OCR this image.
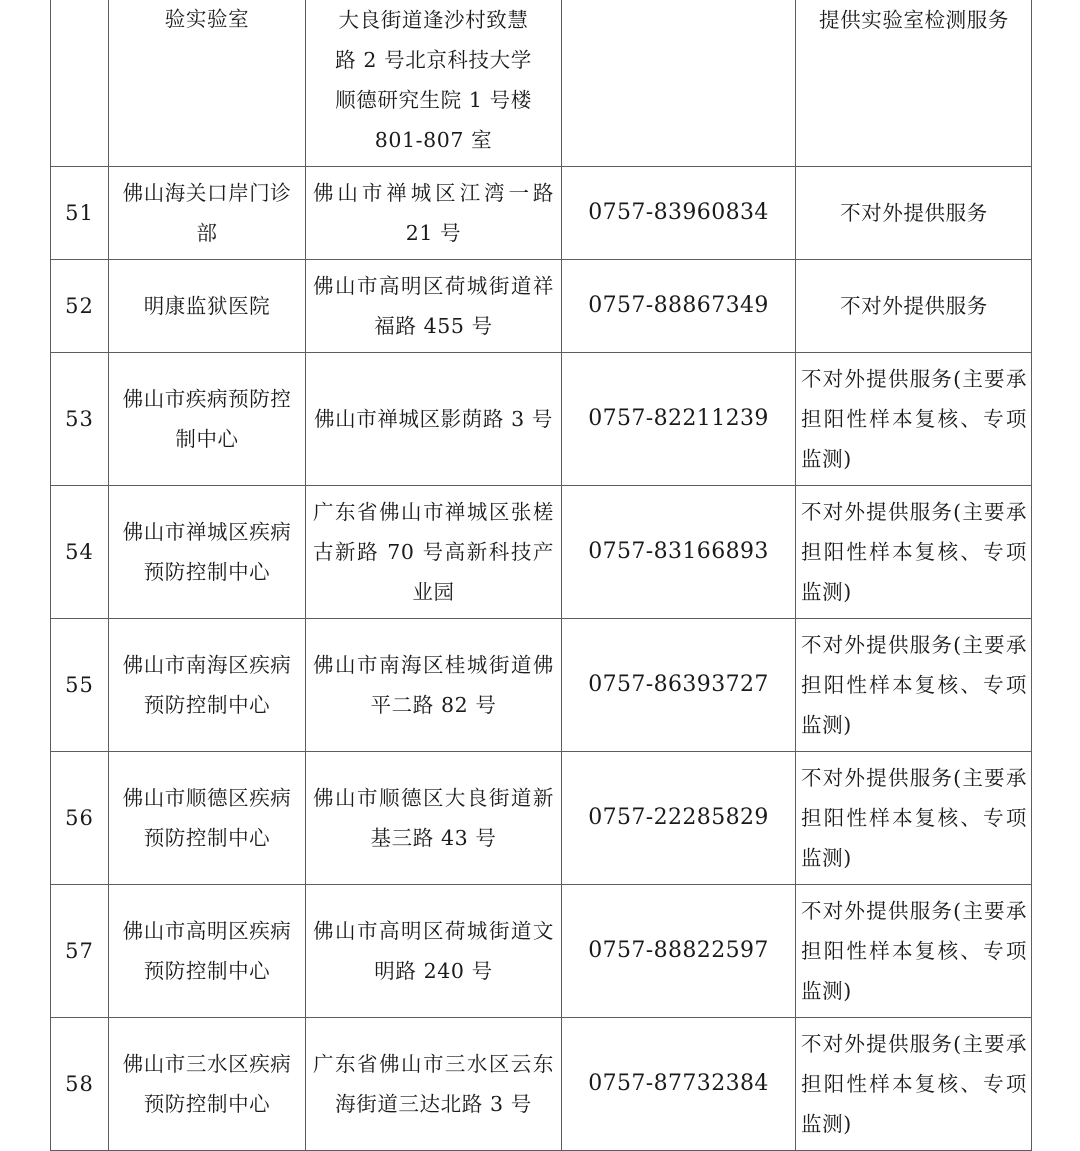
	验实验室	大良街道逢沙村致慧
路 2 号北京科技大学
顺德研究生院 1 号楼
801-807 室		提供实验室检测服务

51	佛山海关口岸门诊部	佛山市禅城区江湾一路 21 号	0757-83960834	不对外提供服务

52	明康监狱医院	佛山市高明区荷城街道祥福路 455 号	0757-88867349	不对外提供服务

53	佛山市疾病预防控制中心	佛山市禅城区影荫路 3 号	0757-82211239	不对外提供服务(主要承担阳性样本复核、专项监测)

54	佛山市禅城区疾病预防控制中心	广东省佛山市禅城区张槎古新路 70 号高新科技产业园	0757-83166893	不对外提供服务(主要承担阳性样本复核、专项监测)

55	佛山市南海区疾病预防控制中心	佛山市南海区桂城街道佛平二路 82 号	0757-86393727	不对外提供服务(主要承担阳性样本复核、专项监测)

56	佛山市顺德区疾病预防控制中心	佛山市顺德区大良街道新基三路 43 号	0757-22285829	不对外提供服务(主要承担阳性样本复核、专项监测)

57	佛山市高明区疾病预防控制中心	佛山市高明区荷城街道文明路 240 号	0757-88822597	不对外提供服务(主要承担阳性样本复核、专项监测)

58	佛山市三水区疾病预防控制中心	广东省佛山市三水区云东海街道三达北路 3 号	0757-87732384	不对外提供服务(主要承担阳性样本复核、专项监测)
